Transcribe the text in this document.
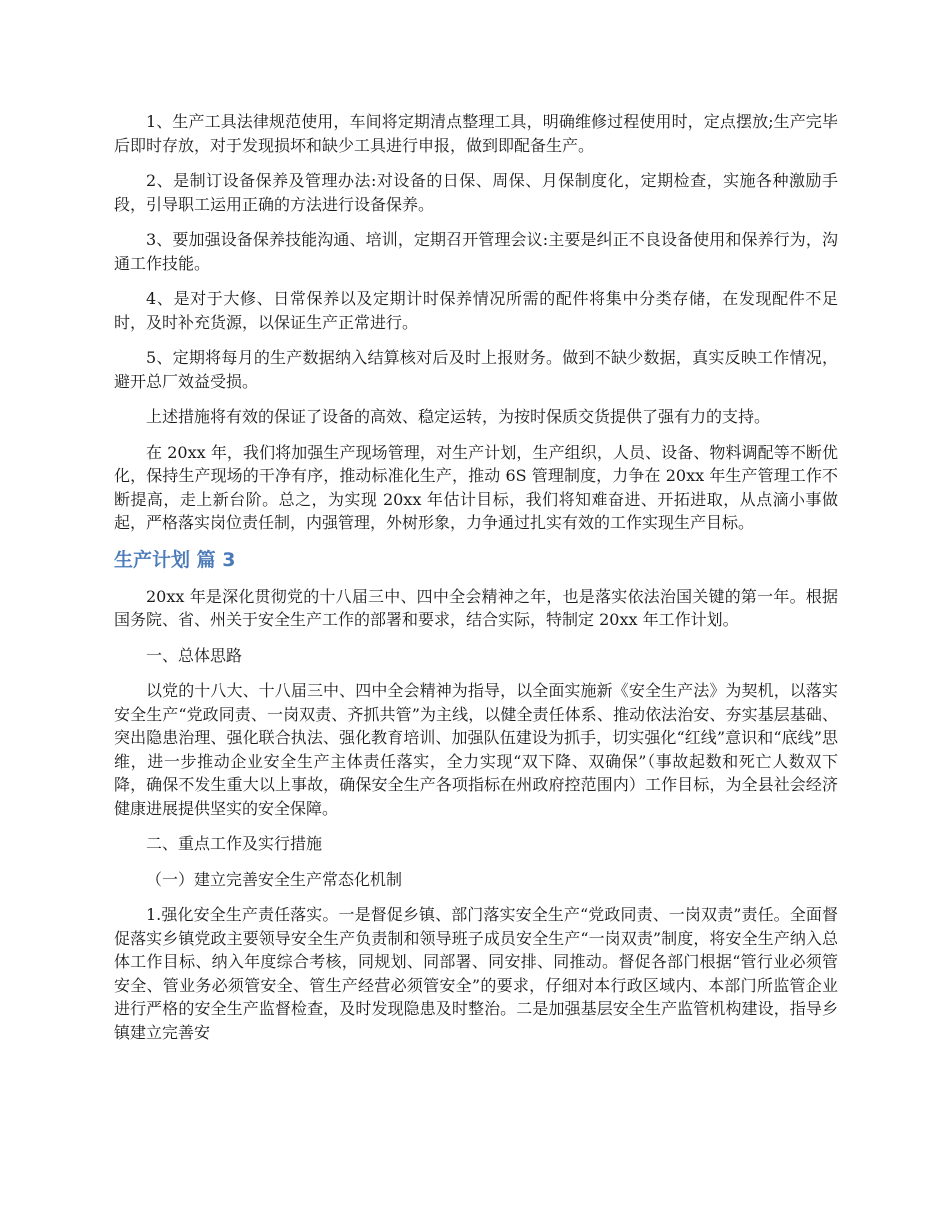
1、生产工具法律规范使用，车间将定期清点整理工具，明确维修过程使用时，定点摆放;生产完毕后即时存放，对于发现损坏和缺少工具进行申报，做到即配备生产。

2、是制订设备保养及管理办法:对设备的日保、周保、月保制度化，定期检查，实施各种激励手段，引导职工运用正确的方法进行设备保养。

3、要加强设备保养技能沟通、培训，定期召开管理会议:主要是纠正不良设备使用和保养行为，沟通工作技能。

4、是对于大修、日常保养以及定期计时保养情况所需的配件将集中分类存储，在发现配件不足时，及时补充货源，以保证生产正常进行。

5、定期将每月的生产数据纳入结算核对后及时上报财务。做到不缺少数据，真实反映工作情况，避开总厂效益受损。

上述措施将有效的保证了设备的高效、稳定运转，为按时保质交货提供了强有力的支持。

在 20xx 年，我们将加强生产现场管理，对生产计划，生产组织，人员、设备、物料调配等不断优化，保持生产现场的干净有序，推动标准化生产，推动 6S 管理制度，力争在 20xx 年生产管理工作不断提高，走上新台阶。总之，为实现 20xx 年估计目标，我们将知难奋进、开拓进取，从点滴小事做起，严格落实岗位责任制，内强管理，外树形象，力争通过扎实有效的工作实现生产目标。

生产计划 篇 3

20xx 年是深化贯彻党的十八届三中、四中全会精神之年，也是落实依法治国关键的第一年。根据国务院、省、州关于安全生产工作的部署和要求，结合实际，特制定 20xx 年工作计划。

一、总体思路

以党的十八大、十八届三中、四中全会精神为指导，以全面实施新《安全生产法》为契机，以落实安全生产“党政同责、一岗双责、齐抓共管”为主线，以健全责任体系、推动依法治安、夯实基层基础、突出隐患治理、强化联合执法、强化教育培训、加强队伍建设为抓手，切实强化“红线”意识和“底线”思维，进一步推动企业安全生产主体责任落实，全力实现“双下降、双确保”（事故起数和死亡人数双下降，确保不发生重大以上事故，确保安全生产各项指标在州政府控范围内）工作目标，为全县社会经济健康进展提供坚实的安全保障。

二、重点工作及实行措施

（一）建立完善安全生产常态化机制

1.强化安全生产责任落实。一是督促乡镇、部门落实安全生产“党政同责、一岗双责”责任。全面督促落实乡镇党政主要领导安全生产负责制和领导班子成员安全生产“一岗双责”制度，将安全生产纳入总体工作目标、纳入年度综合考核，同规划、同部署、同安排、同推动。督促各部门根据“管行业必须管安全、管业务必须管安全、管生产经营必须管安全”的要求，仔细对本行政区域内、本部门所监管企业进行严格的安全生产监督检查，及时发现隐患及时整治。二是加强基层安全生产监管机构建设，指导乡镇建立完善安
